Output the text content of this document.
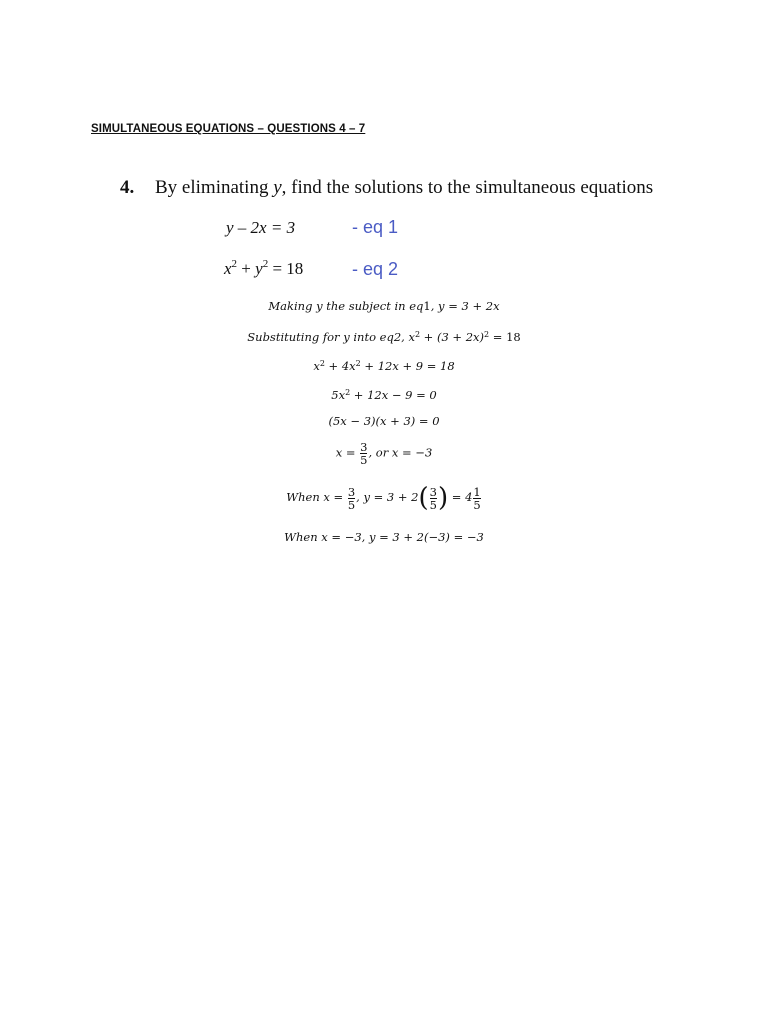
SIMULTANEOUS EQUATIONS – QUESTIONS 4 – 7
4. By eliminating y, find the solutions to the simultaneous equations
y – 2x = 3	- eq 1
$x^2 + y^2 = 18$	- eq 2
Making y the subject in eq1, y = 3 + 2x
Substituting for y into eq2, $x^2 + (3 + 2x)^2 = 18$
$x^2 + 4x^2 + 12x + 9 = 18$
$5x^2 + 12x - 9 = 0$
(5x − 3)(x + 3) = 0
$x = \frac{3}{5}$ , or x = −3
When $x = \frac{3}{5}$ , $y = 3 + 2( \frac{3}{5}$ ) = $4 \frac{1}{5}$
When x = −3, y = 3 + 2(−3) = −3
